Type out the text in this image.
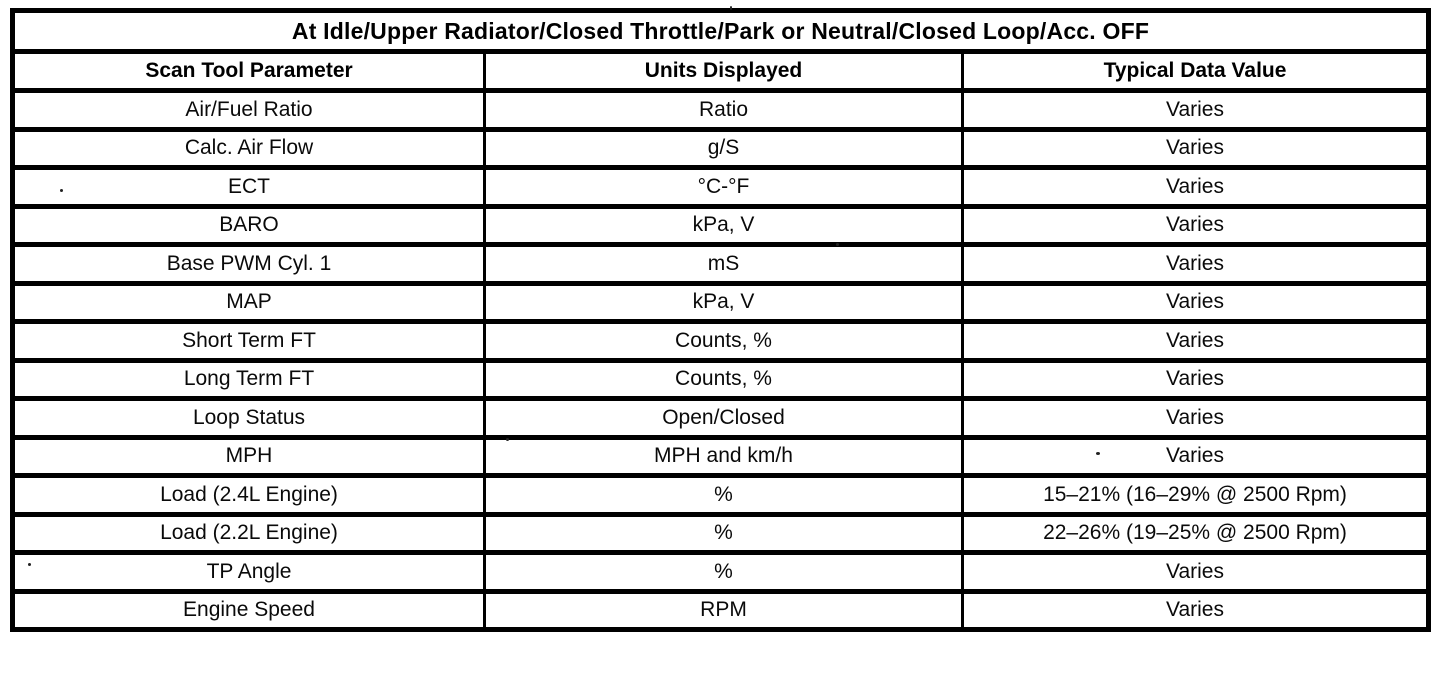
At Idle/Upper Radiator/Closed Throttle/Park or Neutral/Closed Loop/Acc. OFF		
Scan Tool Parameter	Units Displayed	Typical Data Value
Air/Fuel Ratio	Ratio	Varies
Calc. Air Flow	g/S	Varies
ECT	°C-°F	Varies
BARO	kPa, V	Varies
Base PWM Cyl. 1	mS	Varies
MAP	kPa, V	Varies
Short Term FT	Counts, %	Varies
Long Term FT	Counts, %	Varies
Loop Status	Open/Closed	Varies
MPH	MPH and km/h	Varies
Load (2.4L Engine)	%	15–21% (16–29% @ 2500 Rpm)
Load (2.2L Engine)	%	22–26% (19–25% @ 2500 Rpm)
TP Angle	%	Varies
Engine Speed	RPM	Varies
